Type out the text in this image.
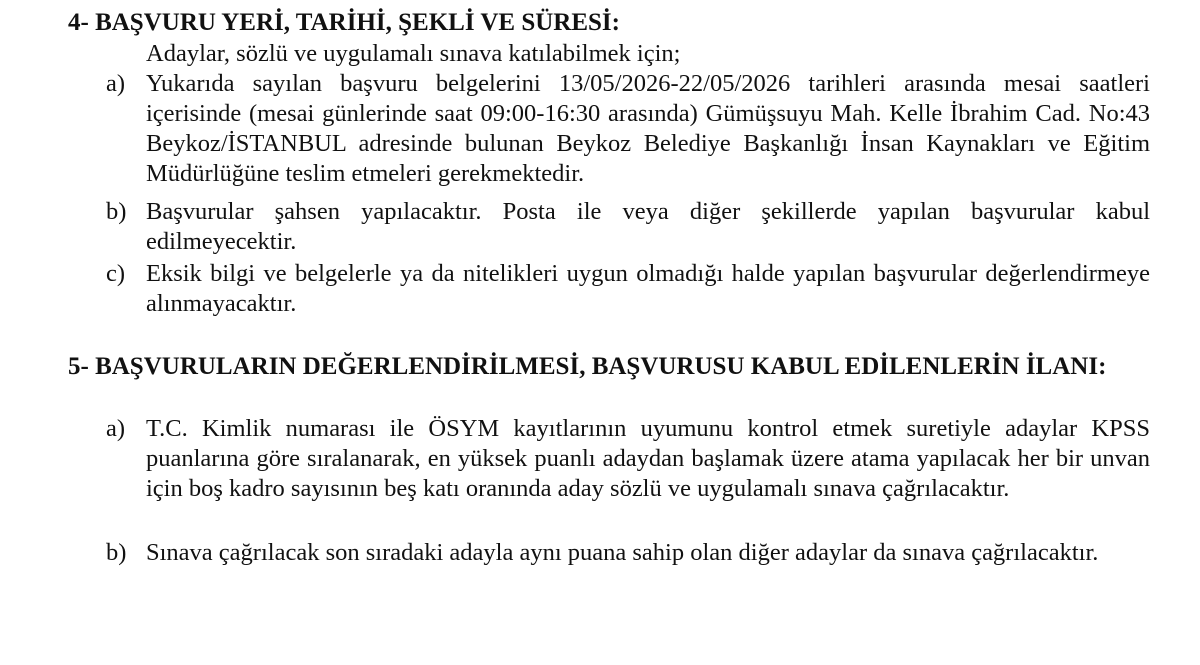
4- BAŞVURU YERİ, TARİHİ, ŞEKLİ VE SÜRESİ:

Adaylar, sözlü ve uygulamalı sınava katılabilmek için;

a) Yukarıda sayılan başvuru belgelerini 13/05/2026-22/05/2026 tarihleri arasında mesai saatleri içerisinde (mesai günlerinde saat 09:00-16:30 arasında) Gümüşsuyu Mah. Kelle İbrahim Cad. No:43 Beykoz/İSTANBUL adresinde bulunan Beykoz Belediye Başkanlığı İnsan Kaynakları ve Eğitim Müdürlüğüne teslim etmeleri gerekmektedir.
b) Başvurular şahsen yapılacaktır. Posta ile veya diğer şekillerde yapılan başvurular kabul edilmeyecektir.
c) Eksik bilgi ve belgelerle ya da nitelikleri uygun olmadığı halde yapılan başvurular değerlendirmeye alınmayacaktır.
5- BAŞVURULARIN DEĞERLENDİRİLMESİ, BAŞVURUSU KABUL EDİLENLERİN İLANI:
a) T.C. Kimlik numarası ile ÖSYM kayıtlarının uyumunu kontrol etmek suretiyle adaylar KPSS puanlarına göre sıralanarak, en yüksek puanlı adaydan başlamak üzere atama yapılacak her bir unvan için boş kadro sayısının beş katı oranında aday sözlü ve uygulamalı sınava çağrılacaktır.
b) Sınava çağrılacak son sıradaki adayla aynı puana sahip olan diğer adaylar da sınava çağrılacaktır.
